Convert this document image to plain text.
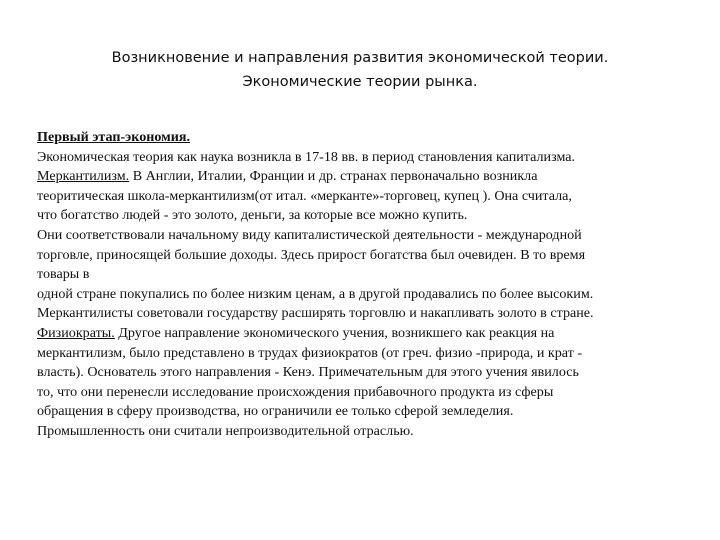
Возникновение и направления развития экономической теории.
Экономические теории рынка.
Первый этап-экономия.
Экономическая теория как наука возникла в 17-18 вв. в период становления капитализма.
Меркантилизм. В Англии, Италии, Франции и др. странах первоначально возникла
теоритическая школа-меркантилизм(от итал. «мерканте»-торговец, купец ). Она считала,
что богатство людей - это золото, деньги, за которые все можно купить.
Они соответствовали начальному виду капиталистической деятельности - международной
торговле, приносящей большие доходы. Здесь прирост богатства был очевиден. В то время
товары в
одной стране покупались по более низким ценам, а в другой продавались по более высоким.
Меркантилисты советовали государству расширять торговлю и накапливать золото в стране.
Физиократы. Другое направление экономического учения, возникшего как реакция на
меркантилизм, было представлено в трудах физиократов (от греч. физио -природа, и крат -
власть). Основатель этого направления - Кенэ. Примечательным для этого учения явилось
то, что они перенесли исследование происхождения прибавочного продукта из сферы
обращения в сферу производства, но ограничили ее только сферой земледелия.
Промышленность они считали непроизводительной отраслью.
